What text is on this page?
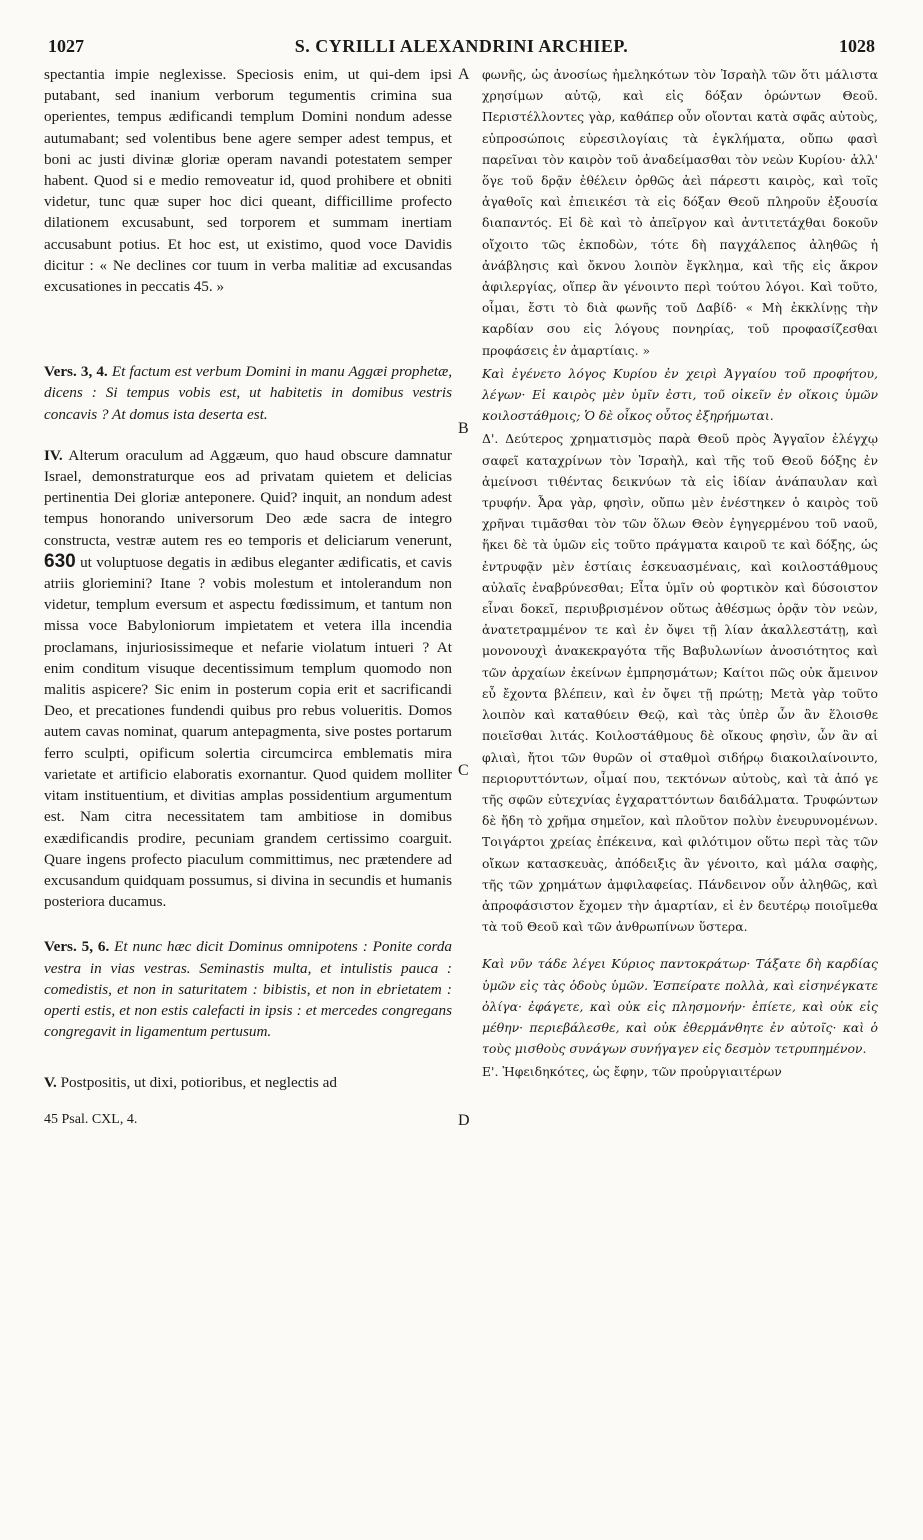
1027	S. CYRILLI ALEXANDRINI ARCHIEP.	1028

spectantia impie neglexisse. Speciosis enim, ut qui-dem ipsi putabant, sed inanium verborum tegumentis crimina sua operientes, tempus ædificandi templum Domini nondum adesse autumabant; sed volentibus bene agere semper adest tempus, et boni ac justi divinæ gloriæ operam navandi potestatem semper habent. Quod si e medio removeatur id, quod prohibere et obniti videtur, tunc quæ super hoc dici queant, difficillime profecto dilationem excusabunt, sed torporem et summam inertiam accusabunt potius. Et hoc est, ut existimo, quod voce Davidis dicitur : « Ne declines cor tuum in verba malitiæ ad excusandas excusationes in peccatis 45. »

Vers. 3, 4. Et factum est verbum Domini in manu Aggæi prophetæ, dicens : Si tempus vobis est, ut habitetis in domibus vestris concavis ? At domus ista deserta est.

IV. Alterum oraculum ad Aggæum, quo haud obscure damnatur Israel, demonstraturque eos ad privatam quietem et delicias pertinentia Dei gloriæ anteponere. Quid? inquit, an nondum adest tempus honorando universorum Deo æde sacra de integro constructa, vestræ autem res eo temporis et deliciarum venerunt, 630 ut voluptuose degatis in ædibus eleganter ædificatis, et cavis atriis gloriemini? Itane ? vobis molestum et intolerandum non videtur, templum eversum et aspectu fœdissimum, et tantum non missa voce Babyloniorum impietatem et vetera illa incendia proclamans, injuriosissimeque et nefarie violatum intueri ? At enim conditum visuque decentissimum templum quomodo non malitis aspicere? Sic enim in posterum copia erit et sacrificandi Deo, et precationes fundendi quibus pro rebus volueritis. Domos autem cavas nominat, quarum antepagmenta, sive postes portarum ferro sculpti, opificum solertia circumcirca emblematis mira varietate et artificio elaboratis exornantur. Quod quidem molliter vitam instituentium, et divitias amplas possidentium argumentum est. Nam citra necessitatem tam ambitiose in domibus exædificandis prodire, pecuniam grandem certissimo coarguit. Quare ingens profecto piaculum committimus, nec prætendere ad excusandum quidquam possumus, si divina in secundis et humanis posteriora ducamus.

Vers. 5, 6. Et nunc hæc dicit Dominus omnipotens : Ponite corda vestra in vias vestras. Seminastis multa, et intulistis pauca : comedistis, et non in saturitatem : bibistis, et non in ebrietatem : operti estis, et non estis calefacti in ipsis : et mercedes congregans congregavit in ligamentum pertusum.

V. Postpositis, ut dixi, potioribus, et neglectis ad

45 Psal. CXL, 4.
A
B
C
D

φωνῆς, ὡς ἀνοσίως ἠμεληκότων τὸν Ἰσραὴλ τῶν ὅτι μάλιστα χρησίμων αὐτῷ, καὶ εἰς δόξαν ὁρώντων Θεοῦ. Περιστέλλοντες γὰρ, καθάπερ οὖν οἴονται κατὰ σφᾶς αὐτοὺς, εὐπροσώποις εὑρεσιλογίαις τὰ ἐγκλήματα, οὔπω φασὶ παρεῖναι τὸν καιρὸν τοῦ ἀναδείμασθαι τὸν νεὼν Κυρίου· ἀλλ' ὅγε τοῦ δρᾷν ἐθέλειν ὀρθῶς ἀεὶ πάρεστι καιρὸς, καὶ τοῖς ἀγαθοῖς καὶ ἐπιεικέσι τὰ εἰς δόξαν Θεοῦ πληροῦν ἐξουσία διαπαντός. Εἰ δὲ καὶ τὸ ἀπεῖργον καὶ ἀντιτετάχθαι δοκοῦν οἴχοιτο τῶς ἐκποδὼν, τότε δὴ παγχάλεπος ἀληθῶς ἡ ἀνάβλησις καὶ ὄκνου λοιπὸν ἔγκλημα, καὶ τῆς εἰς ἄκρον ἀφιλεργίας, οἵπερ ἂν γένοιντο περὶ τούτου λόγοι. Καὶ τοῦτο, οἶμαι, ἔστι τὸ διὰ φωνῆς τοῦ Δαβίδ· « Μὴ ἐκκλίνῃς τὴν καρδίαν σου εἰς λόγους πονηρίας, τοῦ προφασίζεσθαι προφάσεις ἐν ἁμαρτίαις. »

Καὶ ἐγένετο λόγος Κυρίου ἐν χειρὶ Ἀγγαίου τοῦ προφήτου, λέγων· Εἰ καιρὸς μὲν ὑμῖν ἐστι, τοῦ οἰκεῖν ἐν οἴκοις ὑμῶν κοιλοστάθμοις; Ὁ δὲ οἶκος οὗτος ἐξηρήμωται.

Δ'. Δεύτερος χρηματισμὸς παρὰ Θεοῦ πρὸς Ἀγγαῖον ἐλέγχῳ σαφεῖ καταχρίνων τὸν Ἰσραὴλ, καὶ τῆς τοῦ Θεοῦ δόξης ἐν ἀμείνοσι τιθέντας δεικνύων τὰ εἰς ἰδίαν ἀνάπαυλαν καὶ τρυφήν. Ἆρα γὰρ, φησὶν, οὔπω μὲν ἐνέστηκεν ὁ καιρὸς τοῦ χρῆναι τιμᾶσθαι τὸν τῶν ὅλων Θεὸν ἐγηγερμένου τοῦ ναοῦ, ἥκει δὲ τὰ ὑμῶν εἰς τοῦτο πράγματα καιροῦ τε καὶ δόξης, ὡς ἐντρυφᾷν μὲν ἑστίαις ἐσκευασμέναις, καὶ κοιλοστάθμους αὐλαῖς ἐναβρύνεσθαι; Εἶτα ὑμῖν οὐ φορτικὸν καὶ δύσοιστον εἶναι δοκεῖ, περιυβρισμένον οὕτως ἀθέσμως ὁρᾷν τὸν νεὼν, ἀνατετραμμένον τε καὶ ἐν ὄψει τῇ λίαν ἀκαλλεστάτῃ, καὶ μονονουχὶ ἀνακεκραγότα τῆς Βαβυλωνίων ἀνοσιότητος καὶ τῶν ἀρχαίων ἐκείνων ἐμπρησμάτων; Καίτοι πῶς οὐκ ἄμεινον εὖ ἔχοντα βλέπειν, καὶ ἐν ὄψει τῇ πρώτῃ; Μετὰ γὰρ τοῦτο λοιπὸν καὶ καταθύειν Θεῷ, καὶ τὰς ὑπὲρ ὧν ἂν ἕλοισθε ποιεῖσθαι λιτάς. Κοιλοστάθμους δὲ οἴκους φησὶν, ὧν ἂν αἱ φλιαὶ, ἤτοι τῶν θυρῶν οἱ σταθμοὶ σιδήρῳ διακοιλαίνοιντο, περιορυττόντων, οἶμαί που, τεκτόνων αὐτοὺς, καὶ τὰ ἀπό γε τῆς σφῶν εὐτεχνίας ἐγχαραττόντων δαιδάλματα. Τρυφώντων δὲ ἤδη τὸ χρῆμα σημεῖον, καὶ πλοῦτον πολὺν ἐνευρυνομένων. Τοιγάρτοι χρείας ἐπέκεινα, καὶ φιλότιμον οὕτω περὶ τὰς τῶν οἴκων κατασκευὰς, ἀπόδειξις ἂν γένοιτο, καὶ μάλα σαφὴς, τῆς τῶν χρημάτων ἀμφιλαφείας. Πάνδεινον οὖν ἀληθῶς, καὶ ἀπροφάσιστον ἔχομεν τὴν ἁμαρτίαν, εἰ ἐν δευτέρῳ ποιοῖμεθα τὰ τοῦ Θεοῦ καὶ τῶν ἀνθρωπίνων ὕστερα.

Καὶ νῦν τάδε λέγει Κύριος παντοκράτωρ· Τάξατε δὴ καρδίας ὑμῶν εἰς τὰς ὁδοὺς ὑμῶν. Ἐσπείρατε πολλὰ, καὶ εἰσηνέγκατε ὀλίγα· ἐφάγετε, καὶ οὐκ εἰς πλησμονήν· ἐπίετε, καὶ οὐκ εἰς μέθην· περιεβάλεσθε, καὶ οὐκ ἐθερμάνθητε ἐν αὐτοῖς· καὶ ὁ τοὺς μισθοὺς συνάγων συνήγαγεν εἰς δεσμὸν τετρυπημένον.

Ε'. Ἠφειδηκότες, ὡς ἔφην, τῶν προὐργιαιτέρων
